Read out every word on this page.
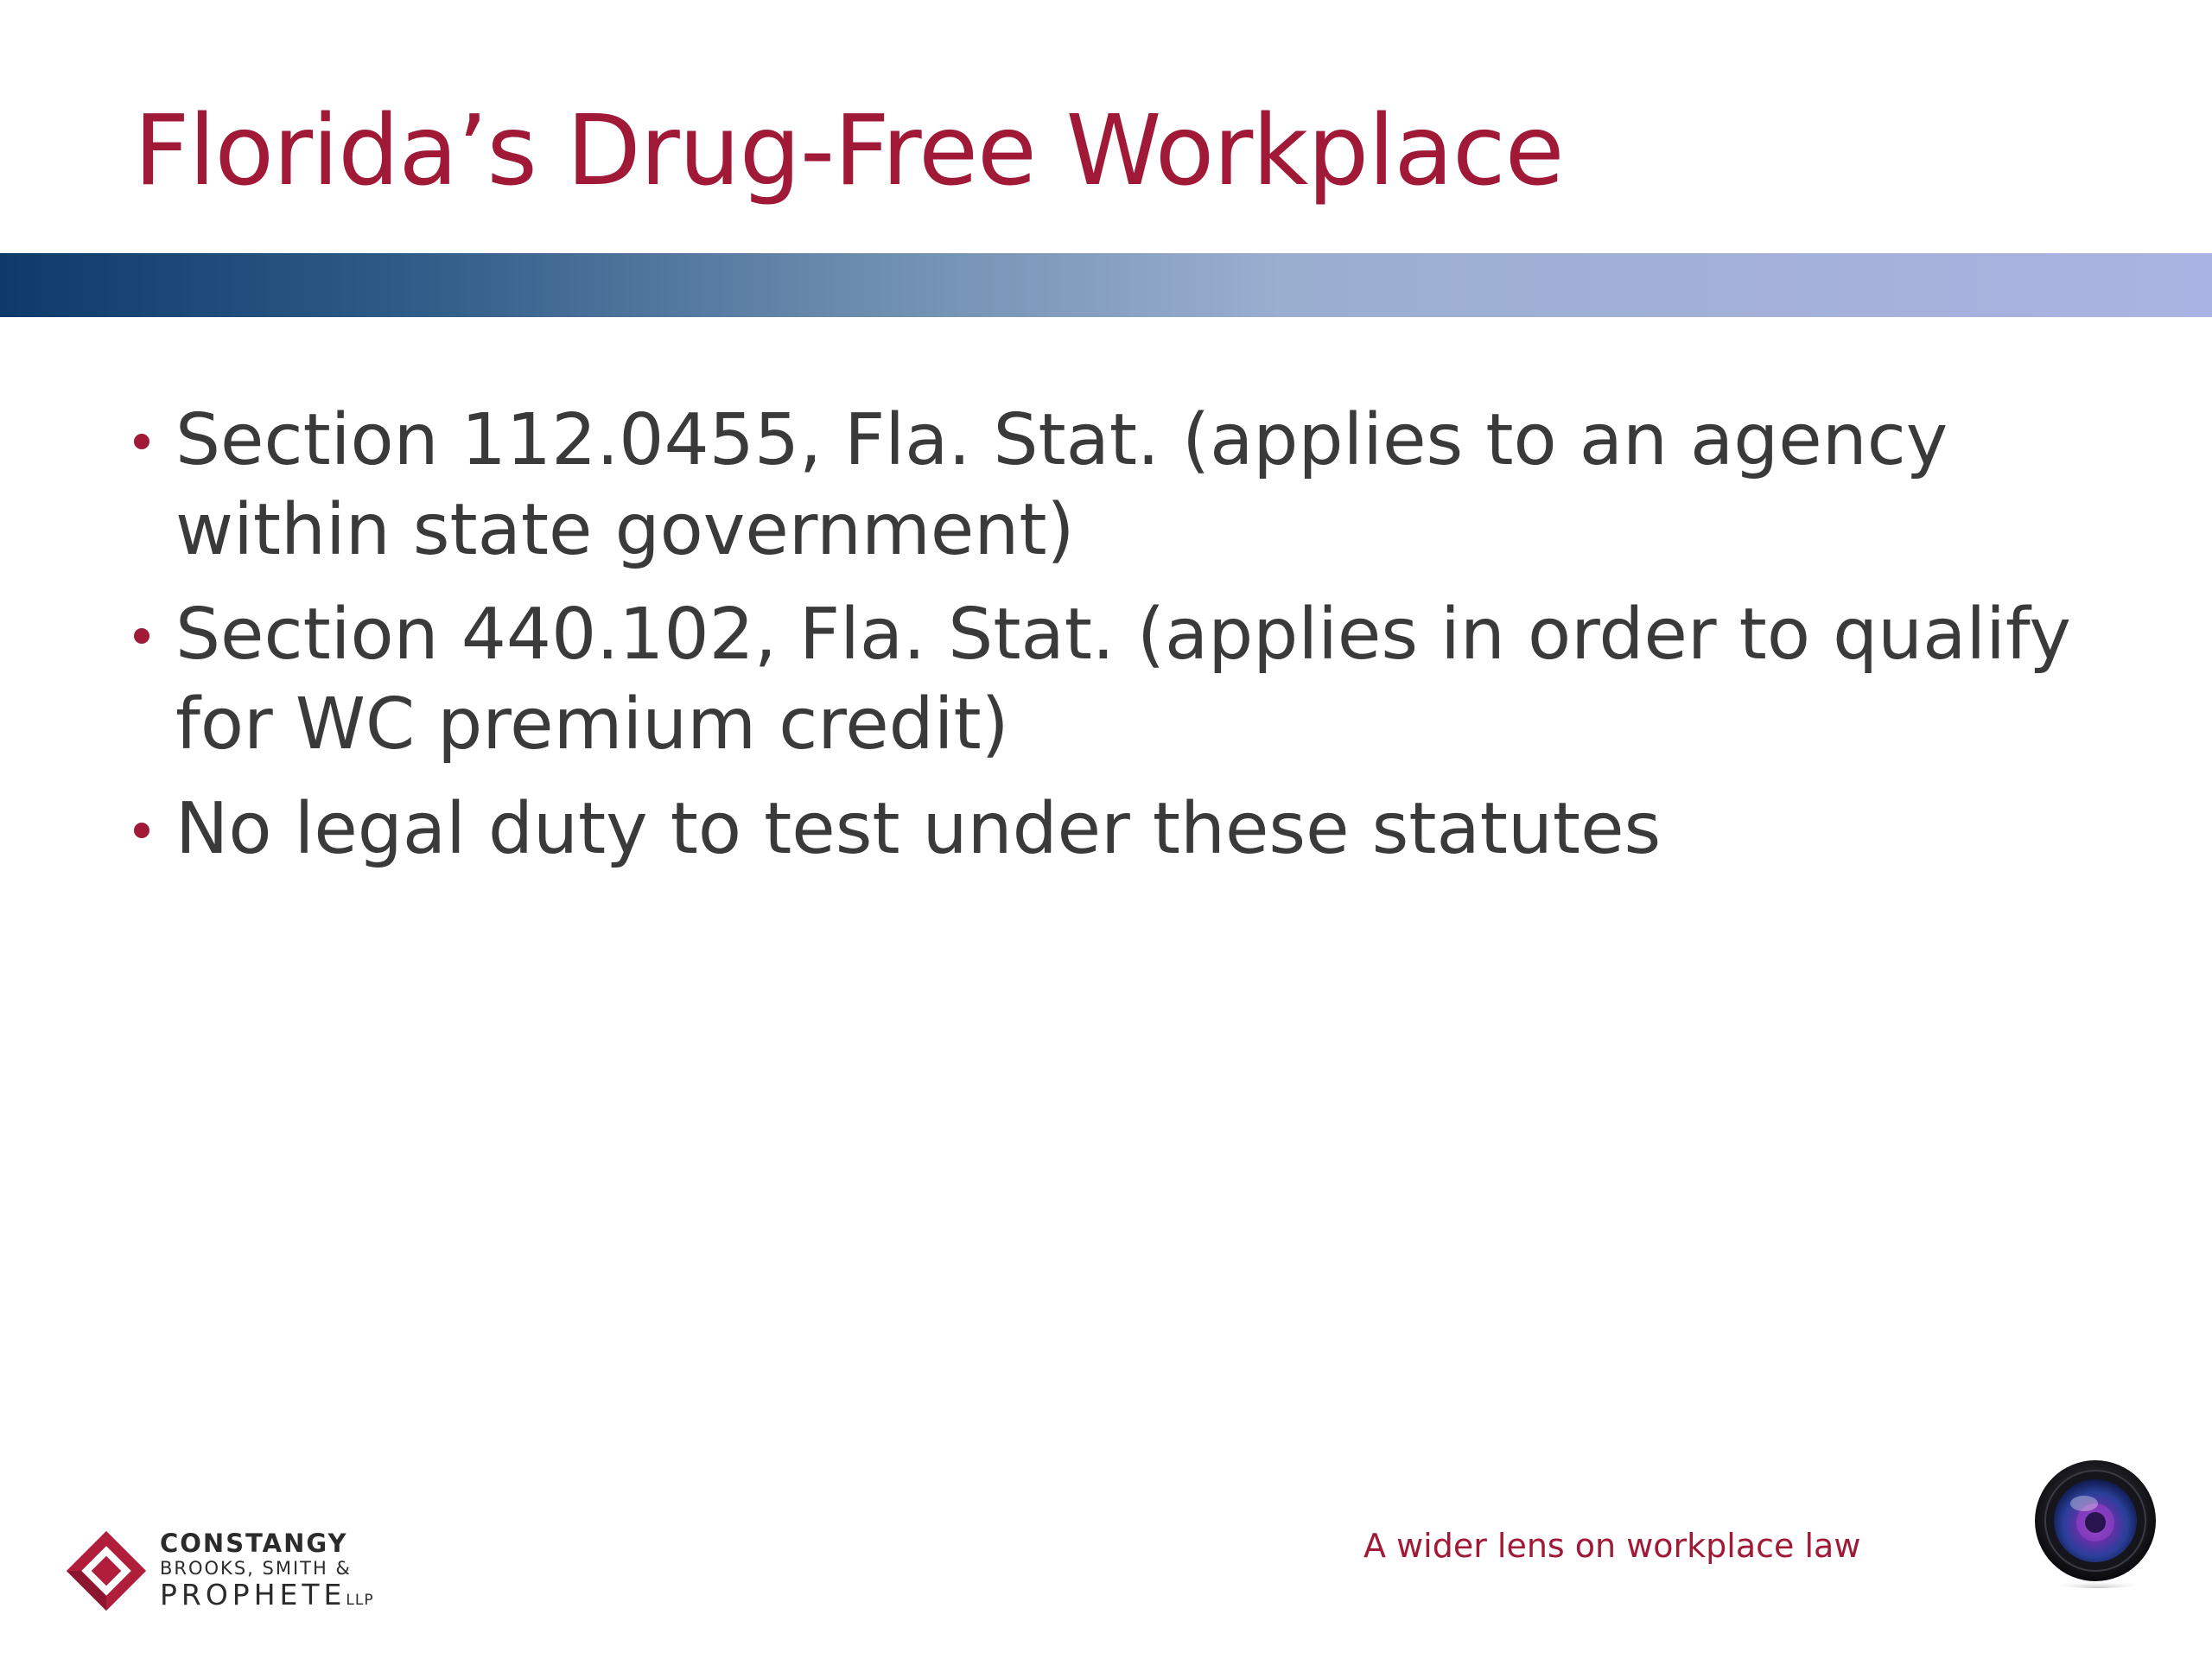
Florida’s Drug-Free Workplace
Section 112.0455, Fla. Stat. (applies to an agency within state government)
Section 440.102, Fla. Stat. (applies in order to qualify for WC premium credit)
No legal duty to test under these statutes
CONSTANGY
BROOKS, SMITH &
PROPHETELLP
A wider lens on workplace law
